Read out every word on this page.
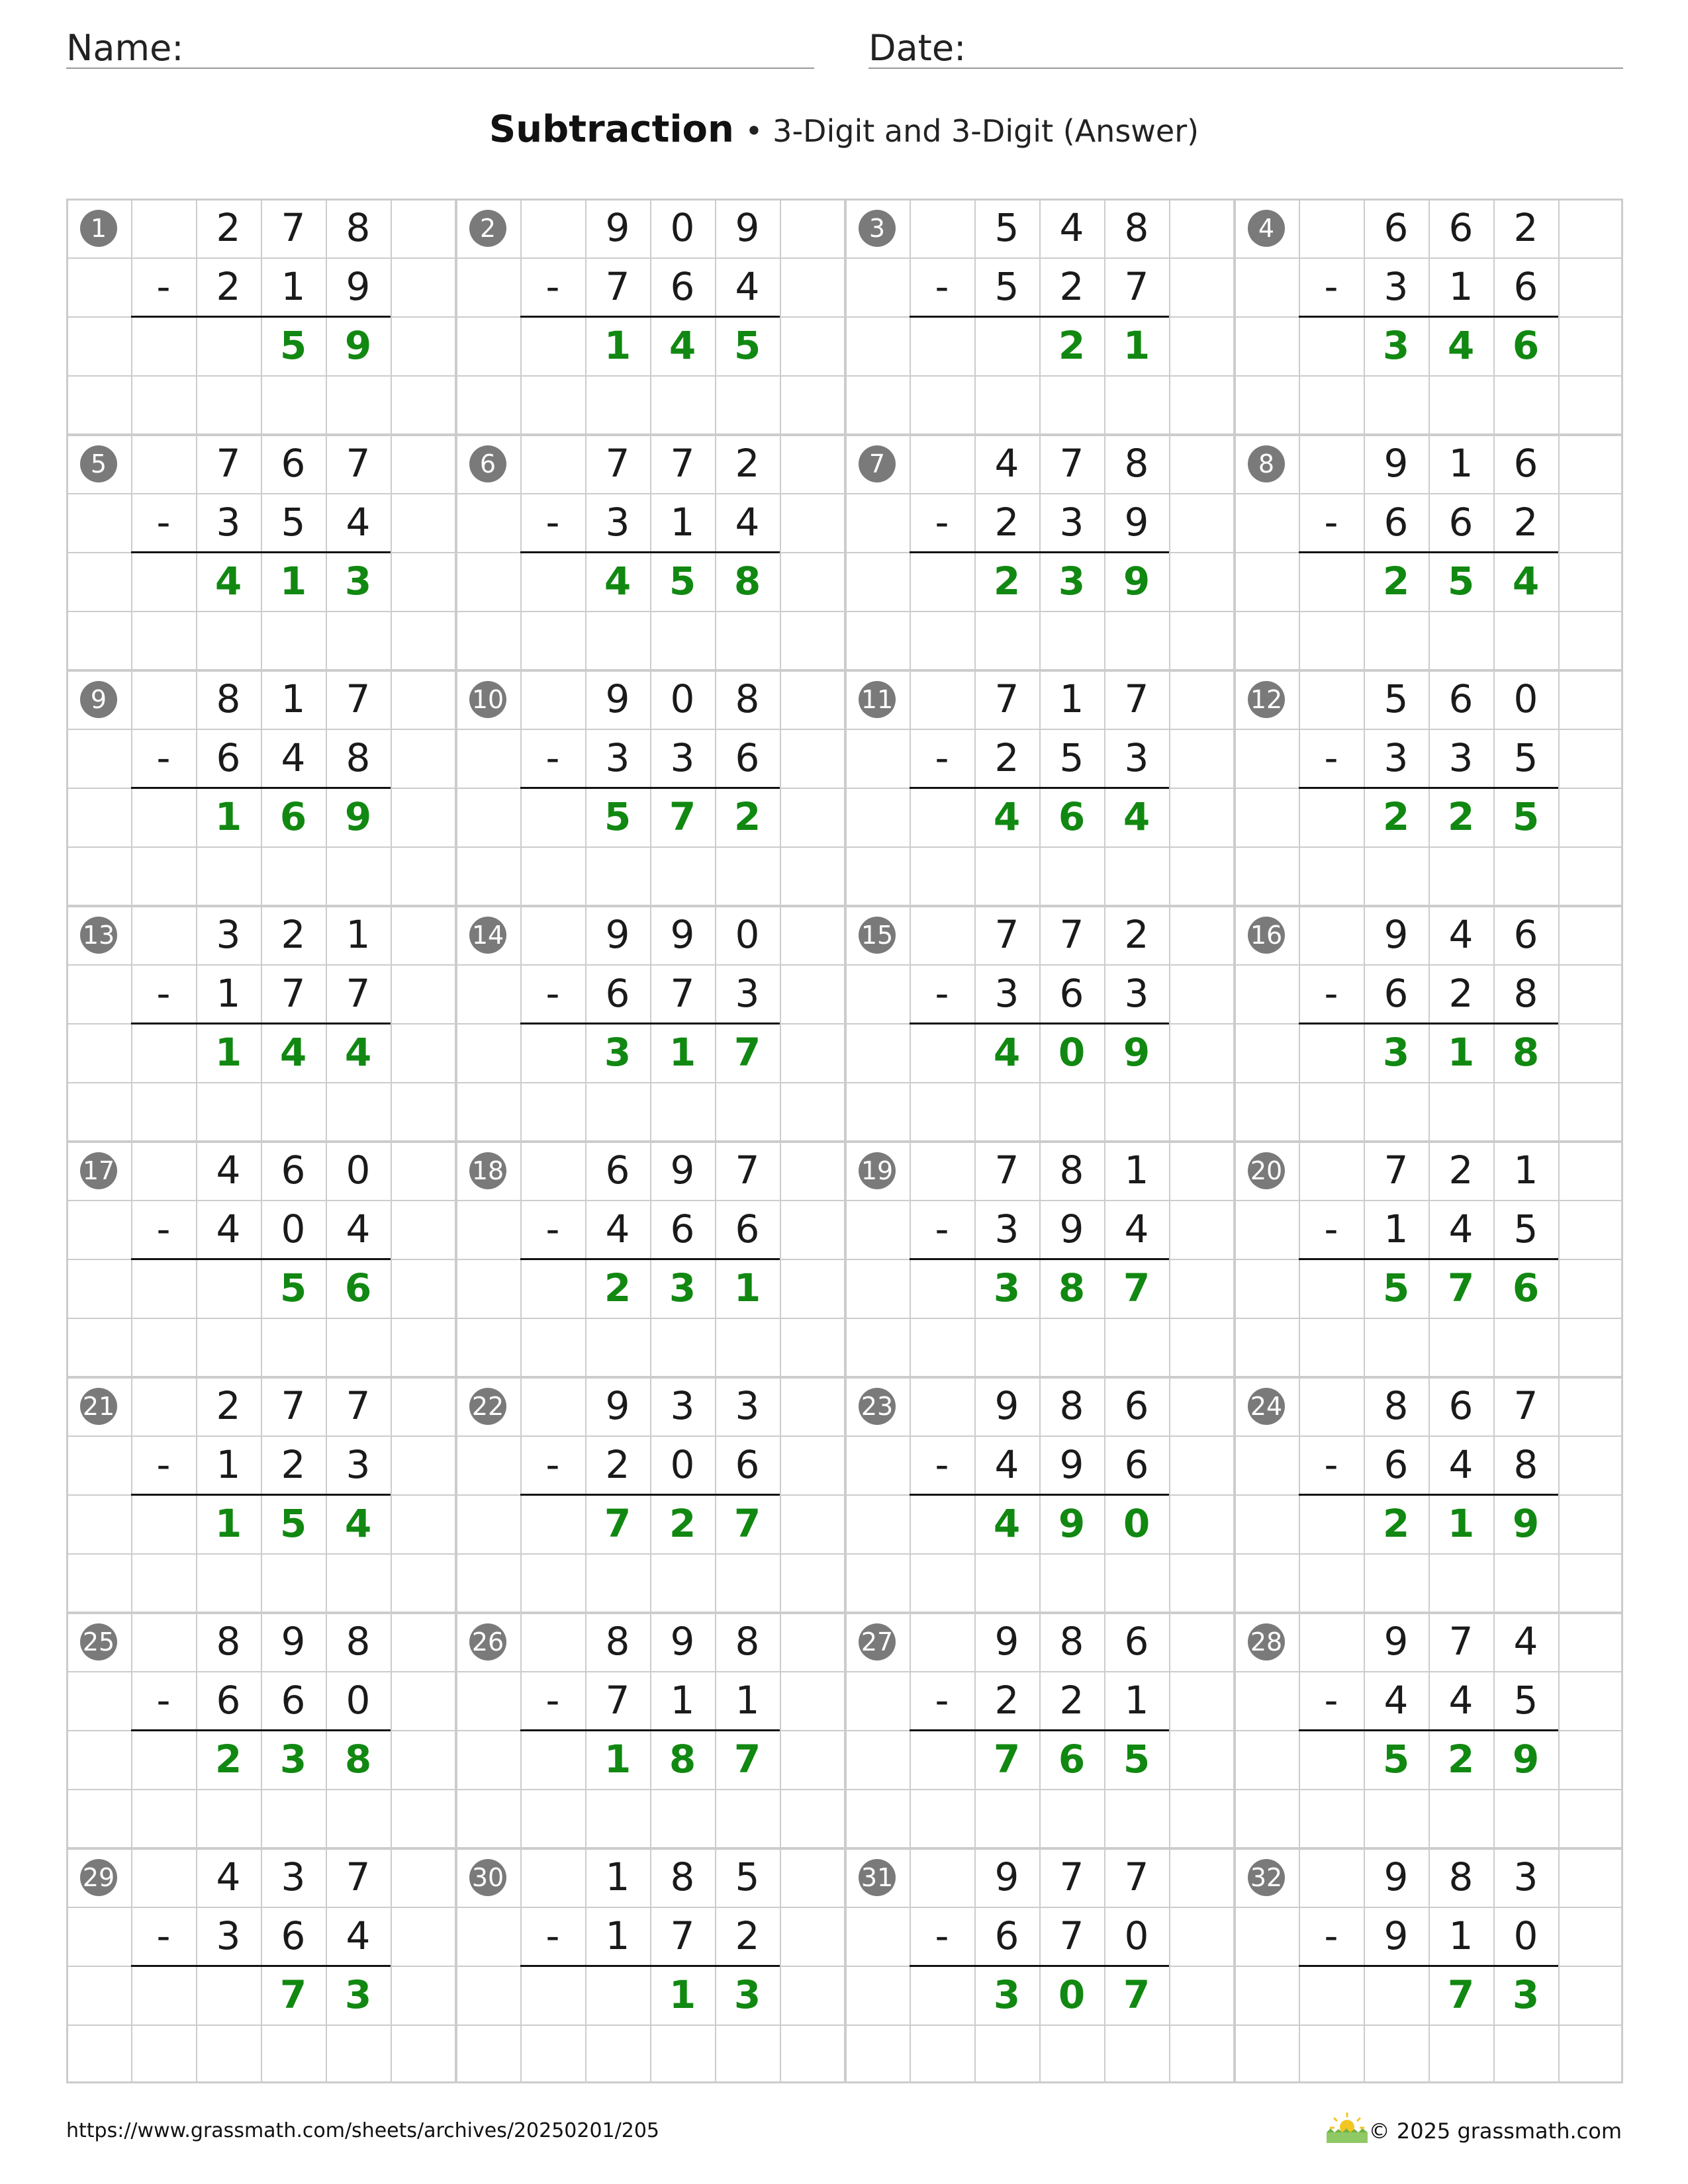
Name:	Date:
Subtraction • 3-Digit and 3-Digit (Answer)
1	2	7	8
-	2	1	9
5 9
2	9	0	9
-	7	6	4
1 4 5
3	5	4	8
-	5	2	7
2 1
4	6	6	2
-	3	1	6
3 4 6
5	7	6	7
-	3	5	4
4 1 3
6	7	7	2
-	3	1	4
4 5 8
7	4	7	8
-	2	3	9
2 3 9
8	9	1	6
-	6	6	2
2 5 4
9	8	1	7
-	6	4	8
1 6 9
10	9	0	8
-	3	3	6
5 7 2
11	7	1	7
-	2	5	3
4 6 4
12	5	6	0
-	3	3	5
2 2 5
13	3	2	1
-	1	7	7
1 4 4
14	9	9	0
-	6	7	3
3 1 7
15	7	7	2
-	3	6	3
4 0 9
16	9	4	6
-	6	2	8
3 1 8
17	4	6	0
-	4	0	4
5 6
18	6	9	7
-	4	6	6
2 3 1
19	7	8	1
-	3	9	4
3 8 7
20	7	2	1
-	1	4	5
5 7 6
21	2	7	7
-	1	2	3
1 5 4
22	9	3	3
-	2	0	6
7 2 7
23	9	8	6
-	4	9	6
4 9 0
24	8	6	7
-	6	4	8
2 1 9
25	8	9	8
-	6	6	0
2 3 8
26	8	9	8
-	7	1	1
1 8 7
27	9	8	6
-	2	2	1
7 6 5
28	9	7	4
-	4	4	5
5 2 9
29	4	3	7
-	3	6	4
7 3
30	1	8	5
-	1	7	2
1 3
31	9	7	7
-	6	7	0
3 0 7
32	9	8	3
-	9	1	0
7 3
https://www.grassmath.com/sheets/archives/20250201/205	© 2025 grassmath.com
